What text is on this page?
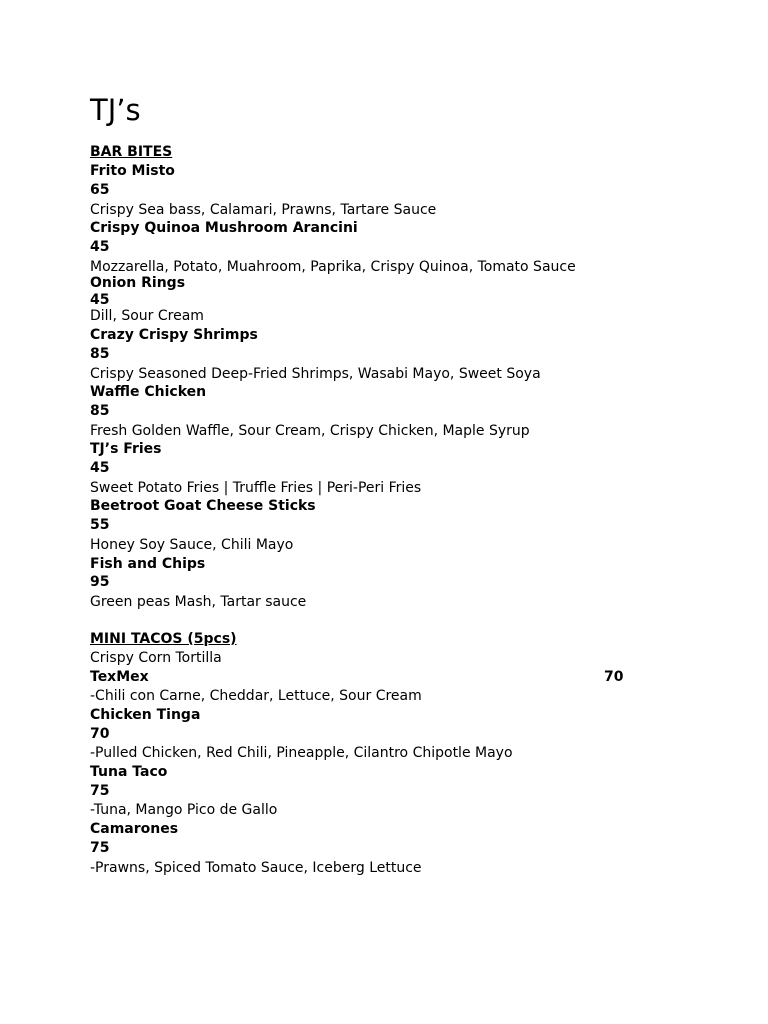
TJ’s
BAR BITES
Frito Misto
65
Crispy Sea bass, Calamari, Prawns, Tartare Sauce
Crispy Quinoa Mushroom Arancini
45
Mozzarella, Potato, Muahroom, Paprika, Crispy Quinoa, Tomato Sauce
Onion Rings
45
Dill, Sour Cream
Crazy Crispy Shrimps
85
Crispy Seasoned Deep-Fried Shrimps, Wasabi Mayo, Sweet Soya
Waffle Chicken
85
Fresh Golden Waffle, Sour Cream, Crispy Chicken, Maple Syrup
TJ’s Fries
45
Sweet Potato Fries | Truffle Fries | Peri-Peri Fries
Beetroot Goat Cheese Sticks
55
Honey Soy Sauce, Chili Mayo
Fish and Chips
95
Green peas Mash, Tartar sauce
MINI TACOS (5pcs)
Crispy Corn Tortilla
TexMex	70
-Chili con Carne, Cheddar, Lettuce, Sour Cream
Chicken Tinga
70
-Pulled Chicken, Red Chili, Pineapple, Cilantro Chipotle Mayo
Tuna Taco
75
-Tuna, Mango Pico de Gallo
Camarones
75
-Prawns, Spiced Tomato Sauce, Iceberg Lettuce
